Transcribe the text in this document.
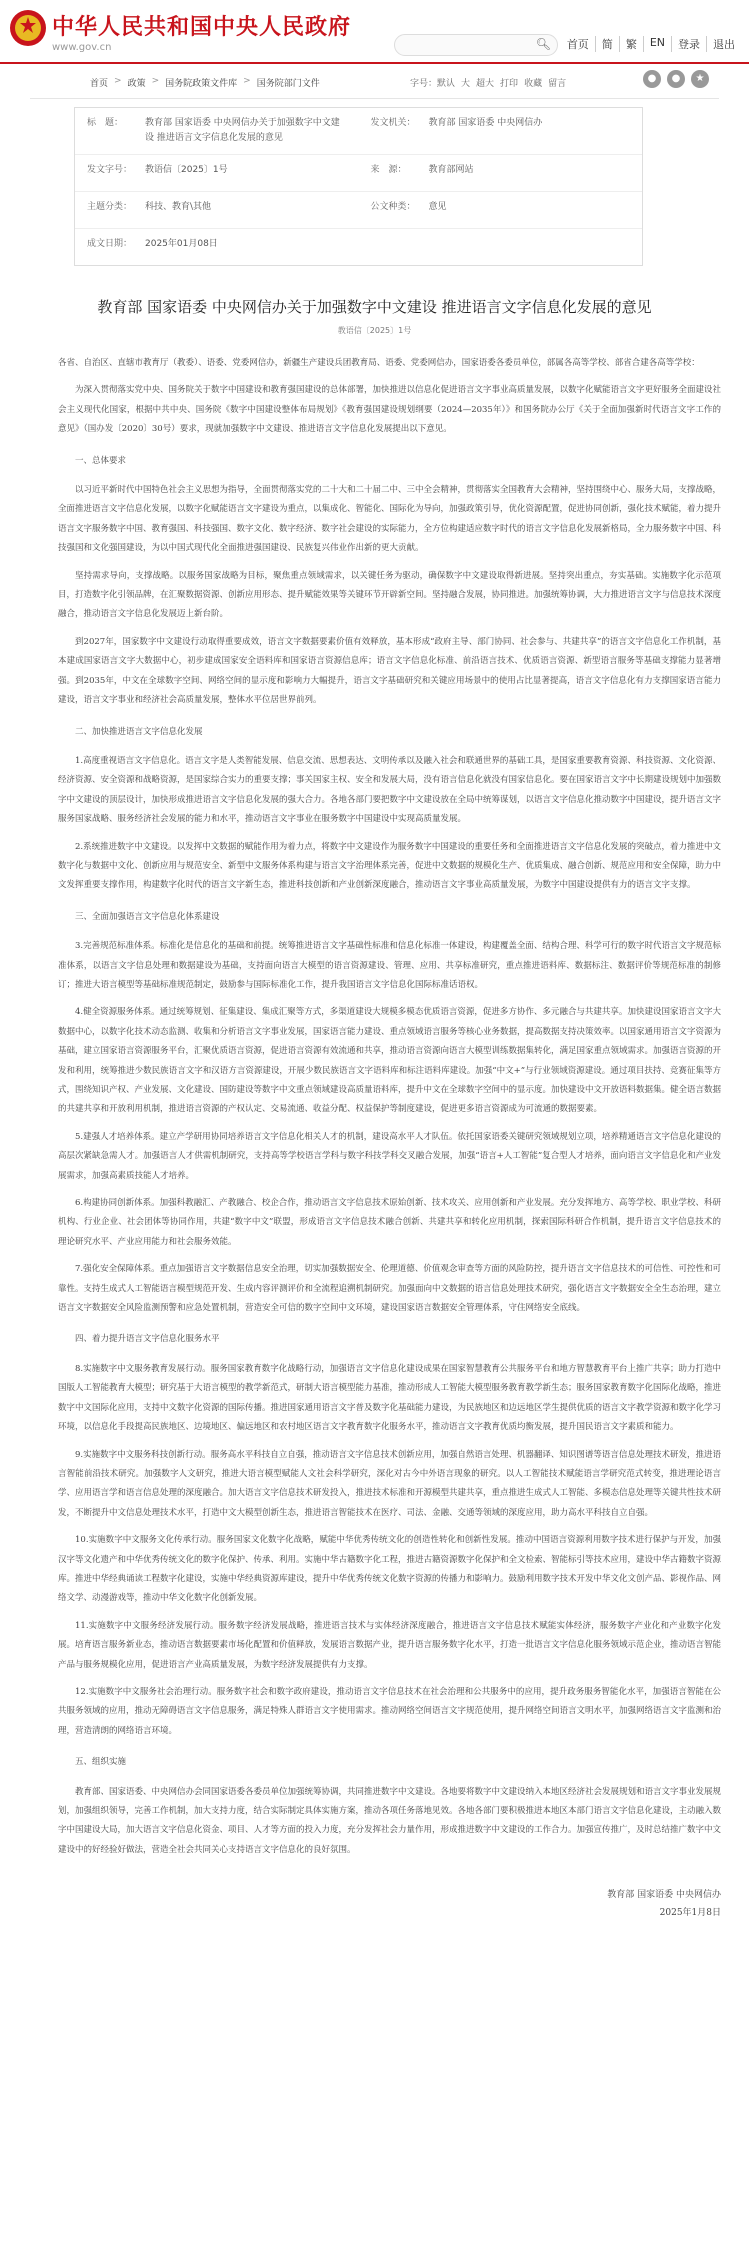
中华人民共和国中央人民政府
www.gov.cn	🔍︎	首页	简	繁	EN	登录	退出
首页 > 政策 > 国务院政策文件库 > 国务院部门文件	字号：默认 大 超大 打印 收藏 留言	●	●	★
标　题：	教育部 国家语委 中央网信办关于加强数字中文建设 推进语言文字信息化发展的意见
发文机关：	教育部 国家语委 中央网信办
发文字号：	教语信〔2025〕1号	来　源：	教育部网站
主题分类：	科技、教育\其他	公文种类：	意见
成文日期：	2025年01月08日
教育部 国家语委 中央网信办关于加强数字中文建设 推进语言文字信息化发展的意见
教语信〔2025〕1号

各省、自治区、直辖市教育厅（教委）、语委、党委网信办，新疆生产建设兵团教育局、语委、党委网信办，国家语委各委员单位，部属各高等学校、部省合建各高等学校：

为深入贯彻落实党中央、国务院关于数字中国建设和教育强国建设的总体部署，加快推进以信息化促进语言文字事业高质量发展，以数字化赋能语言文字更好服务全面建设社会主义现代化国家，根据中共中央、国务院《数字中国建设整体布局规划》《教育强国建设规划纲要（2024—2035年）》和国务院办公厅《关于全面加强新时代语言文字工作的意见》（国办发〔2020〕30号）要求，现就加强数字中文建设、推进语言文字信息化发展提出以下意见。

一、总体要求

以习近平新时代中国特色社会主义思想为指导，全面贯彻落实党的二十大和二十届二中、三中全会精神，贯彻落实全国教育大会精神，坚持围绕中心、服务大局，支撑战略，全面推进语言文字信息化发展，以数字化赋能语言文字建设为重点，以集成化、智能化、国际化为导向，加强政策引导，优化资源配置，促进协同创新，强化技术赋能，着力提升语言文字服务数字中国、教育强国、科技强国、数字文化、数字经济、数字社会建设的实际能力，全方位构建适应数字时代的语言文字信息化发展新格局，全力服务数字中国、科技强国和文化强国建设，为以中国式现代化全面推进强国建设、民族复兴伟业作出新的更大贡献。

坚持需求导向，支撑战略。以服务国家战略为目标，聚焦重点领域需求，以关键任务为驱动，确保数字中文建设取得新进展。坚持突出重点，夯实基础。实施数字化示范项目，打造数字化引领品牌，在汇聚数据资源、创新应用形态、提升赋能效果等关键环节开辟新空间。坚持融合发展，协同推进。加强统筹协调，大力推进语言文字与信息技术深度融合，推动语言文字信息化发展迈上新台阶。

到2027年，国家数字中文建设行动取得重要成效，语言文字数据要素价值有效释放，基本形成“政府主导、部门协同、社会参与、共建共享”的语言文字信息化工作机制，基本建成国家语言文字大数据中心，初步建成国家安全语料库和国家语言资源信息库；语言文字信息化标准、前沿语言技术、优质语言资源、新型语言服务等基础支撑能力显著增强。到2035年，中文在全球数字空间、网络空间的显示度和影响力大幅提升，语言文字基础研究和关键应用场景中的使用占比显著提高，语言文字信息化有力支撑国家语言能力建设，语言文字事业和经济社会高质量发展，整体水平位居世界前列。

二、加快推进语言文字信息化发展

1.高度重视语言文字信息化。语言文字是人类智能发展、信息交流、思想表达、文明传承以及融入社会和联通世界的基础工具，是国家重要教育资源、科技资源、文化资源、经济资源、安全资源和战略资源，是国家综合实力的重要支撑；事关国家主权、安全和发展大局，没有语言信息化就没有国家信息化。要在国家语言文字中长期建设规划中加强数字中文建设的顶层设计，加快形成推进语言文字信息化发展的强大合力。各地各部门要把数字中文建设放在全局中统筹谋划，以语言文字信息化推动数字中国建设，提升语言文字服务国家战略、服务经济社会发展的能力和水平，推动语言文字事业在服务数字中国建设中实现高质量发展。

2.系统推进数字中文建设。以发挥中文数据的赋能作用为着力点，将数字中文建设作为服务数字中国建设的重要任务和全面推进语言文字信息化发展的突破点，着力推进中文数字化与数据中文化、创新应用与规范安全、新型中文服务体系构建与语言文字治理体系完善，促进中文数据的规模化生产、优质集成、融合创新、规范应用和安全保障，助力中文发挥重要支撑作用，构建数字化时代的语言文字新生态，推进科技创新和产业创新深度融合，推动语言文字事业高质量发展，为数字中国建设提供有力的语言文字支撑。

三、全面加强语言文字信息化体系建设

3.完善规范标准体系。标准化是信息化的基础和前提。统筹推进语言文字基础性标准和信息化标准一体建设，构建覆盖全面、结构合理、科学可行的数字时代语言文字规范标准体系，以语言文字信息处理和数据建设为基础，支持面向语言大模型的语言资源建设、管理、应用、共享标准研究，重点推进语料库、数据标注、数据评价等规范标准的制修订；推进大语言模型等基础标准规范制定，鼓励参与国际标准化工作，提升我国语言文字信息化国际标准话语权。

4.健全资源服务体系。通过统筹规划、征集建设、集成汇聚等方式，多渠道建设大规模多模态优质语言资源，促进多方协作、多元融合与共建共享。加快建设国家语言文字大数据中心，以数字化技术动态监测、收集和分析语言文字事业发展，国家语言能力建设、重点领域语言服务等核心业务数据，提高数据支持决策效率。以国家通用语言文字资源为基础，建立国家语言资源服务平台，汇聚优质语言资源，促进语言资源有效流通和共享，推动语言资源向语言大模型训练数据集转化，满足国家重点领域需求。加强语言资源的开发和利用，统筹推进少数民族语言文字和汉语方言资源建设，开展少数民族语言文字语料库和标注语料库建设。加强“中文+”与行业领域资源建设。通过项目扶持、竞赛征集等方式，围绕知识产权、产业发展、文化建设、国防建设等数字中文重点领域建设高质量语料库，提升中文在全球数字空间中的显示度。加快建设中文开放语料数据集。健全语言数据的共建共享和开放利用机制，推进语言资源的产权认定、交易流通、收益分配、权益保护等制度建设，促进更多语言资源成为可流通的数据要素。

5.建强人才培养体系。建立产学研用协同培养语言文字信息化相关人才的机制，建设高水平人才队伍。依托国家语委关键研究领域规划立项，培养精通语言文字信息化建设的高层次紧缺急需人才。加强语言人才供需机制研究，支持高等学校语言学科与数字科技学科交叉融合发展，加强“语言+人工智能”复合型人才培养，面向语言文字信息化和产业发展需求，加强高素质技能人才培养。

6.构建协同创新体系。加强科教融汇、产教融合、校企合作，推动语言文字信息技术原始创新、技术攻关、应用创新和产业发展。充分发挥地方、高等学校、职业学校、科研机构、行业企业、社会团体等协同作用，共建“数字中文”联盟，形成语言文字信息技术融合创新、共建共享和转化应用机制，探索国际科研合作机制，提升语言文字信息技术的理论研究水平、产业应用能力和社会服务效能。

7.强化安全保障体系。重点加强语言文字数据信息安全治理，切实加强数据安全、伦理道德、价值观念审查等方面的风险防控，提升语言文字信息技术的可信性、可控性和可靠性。支持生成式人工智能语言模型规范开发、生成内容评测评价和全流程追溯机制研究。加强面向中文数据的语言信息处理技术研究，强化语言文字数据安全全生态治理，建立语言文字数据安全风险监测预警和应急处置机制，营造安全可信的数字空间中文环境，建设国家语言数据安全管理体系，守住网络安全底线。

四、着力提升语言文字信息化服务水平

8.实施数字中文服务教育发展行动。服务国家教育数字化战略行动，加强语言文字信息化建设成果在国家智慧教育公共服务平台和地方智慧教育平台上推广共享；助力打造中国版人工智能教育大模型；研究基于大语言模型的教学新范式，研制大语言模型能力基准，推动形成人工智能大模型服务教育教学新生态；服务国家教育数字化国际化战略，推进数字中文国际化应用，支持中文数字化资源的国际传播。推进国家通用语言文字普及数字化基础能力建设，为民族地区和边远地区学生提供优质的语言文字教学资源和数字化学习环境，以信息化手段提高民族地区、边境地区、偏远地区和农村地区语言文字教育数字化服务水平，推动语言文字教育优质均衡发展，提升国民语言文字素质和能力。

9.实施数字中文服务科技创新行动。服务高水平科技自立自强，推动语言文字信息技术创新应用，加强自然语言处理、机器翻译、知识图谱等语言信息处理技术研发，推进语言智能前沿技术研究。加强数字人文研究，推进大语言模型赋能人文社会科学研究，深化对古今中外语言现象的研究。以人工智能技术赋能语言学研究范式转变，推进理论语言学、应用语言学和语言信息处理的深度融合。加大语言文字信息技术研发投入，推进技术标准和开源模型共建共享，重点推进生成式人工智能、多模态信息处理等关键共性技术研发，不断提升中文信息处理技术水平，打造中文大模型创新生态，推进语言智能技术在医疗、司法、金融、交通等领域的深度应用，助力高水平科技自立自强。

10.实施数字中文服务文化传承行动。服务国家文化数字化战略，赋能中华优秀传统文化的创造性转化和创新性发展。推动中国语言资源利用数字技术进行保护与开发，加强汉字等文化遗产和中华优秀传统文化的数字化保护、传承、利用。实施中华古籍数字化工程，推进古籍资源数字化保护和全文检索、智能标引等技术应用，建设中华古籍数字资源库。推进中华经典诵读工程数字化建设，实施中华经典资源库建设，提升中华优秀传统文化数字资源的传播力和影响力。鼓励利用数字技术开发中华文化文创产品、影视作品、网络文学、动漫游戏等，推动中华文化数字化创新发展。

11.实施数字中文服务经济发展行动。服务数字经济发展战略，推进语言技术与实体经济深度融合，推进语言文字信息技术赋能实体经济，服务数字产业化和产业数字化发展。培育语言服务新业态，推动语言数据要素市场化配置和价值释放，发展语言数据产业，提升语言服务数字化水平，打造一批语言文字信息化服务领域示范企业，推动语言智能产品与服务规模化应用，促进语言产业高质量发展，为数字经济发展提供有力支撑。

12.实施数字中文服务社会治理行动。服务数字社会和数字政府建设，推动语言文字信息技术在社会治理和公共服务中的应用，提升政务服务智能化水平，加强语言智能在公共服务领域的应用，推动无障碍语言文字信息服务，满足特殊人群语言文字使用需求。推动网络空间语言文字规范使用，提升网络空间语言文明水平，加强网络语言文字监测和治理，营造清朗的网络语言环境。

五、组织实施

教育部、国家语委、中央网信办会同国家语委各委员单位加强统筹协调，共同推进数字中文建设。各地要将数字中文建设纳入本地区经济社会发展规划和语言文字事业发展规划，加强组织领导，完善工作机制，加大支持力度，结合实际制定具体实施方案，推动各项任务落地见效。各地各部门要积极推进本地区本部门语言文字信息化建设，主动融入数字中国建设大局，加大语言文字信息化资金、项目、人才等方面的投入力度，充分发挥社会力量作用，形成推进数字中文建设的工作合力。加强宣传推广，及时总结推广数字中文建设中的好经验好做法，营造全社会共同关心支持语言文字信息化的良好氛围。

教育部 国家语委 中央网信办
2025年1月8日
